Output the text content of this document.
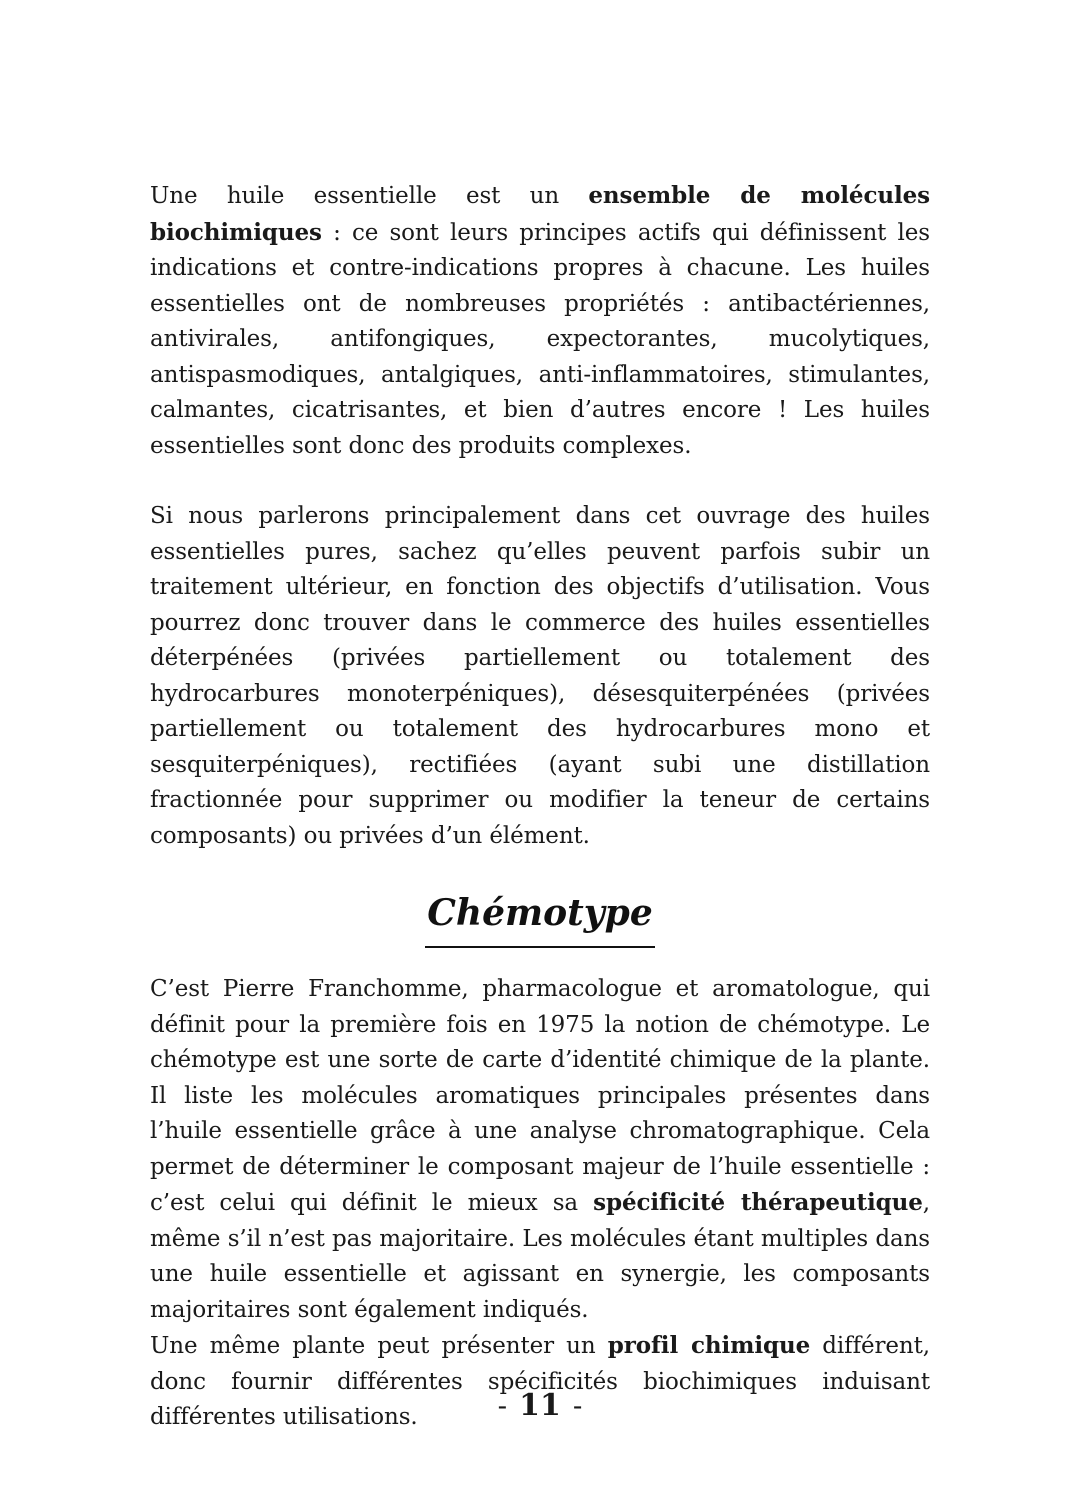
Une huile essentielle est un ensemble de molécules biochimiques : ce sont leurs principes actifs qui définissent les indications et contre-indications propres à chacune. Les huiles essentielles ont de nombreuses propriétés : antibactériennes, antivirales, antifongiques, expectorantes, mucolytiques, antispasmodiques, antalgiques, anti-inflammatoires, stimulantes, calmantes, cicatrisantes, et bien d’autres encore ! Les huiles essentielles sont donc des produits complexes.

Si nous parlerons principalement dans cet ouvrage des huiles essentielles pures, sachez qu’elles peuvent parfois subir un traitement ultérieur, en fonction des objectifs d’utilisation. Vous pourrez donc trouver dans le commerce des huiles essentielles déterpénées (privées partiellement ou totalement des hydrocarbures monoterpéniques), désesquiterpénées (privées partiellement ou totalement des hydrocarbures mono et sesquiterpéniques), rectifiées (ayant subi une distillation fractionnée pour supprimer ou modifier la teneur de certains composants) ou privées d’un élément.

Chémotype

C’est Pierre Franchomme, pharmacologue et aromatologue, qui définit pour la première fois en 1975 la notion de chémotype. Le chémotype est une sorte de carte d’identité chimique de la plante. Il liste les molécules aromatiques principales présentes dans l’huile essentielle grâce à une analyse chromatographique. Cela permet de déterminer le composant majeur de l’huile essentielle : c’est celui qui définit le mieux sa spécificité thérapeutique, même s’il n’est pas majoritaire. Les molécules étant multiples dans une huile essentielle et agissant en synergie, les composants majoritaires sont également indiqués.

Une même plante peut présenter un profil chimique différent, donc fournir différentes spécificités biochimiques induisant différentes utilisations.	- 11 -
